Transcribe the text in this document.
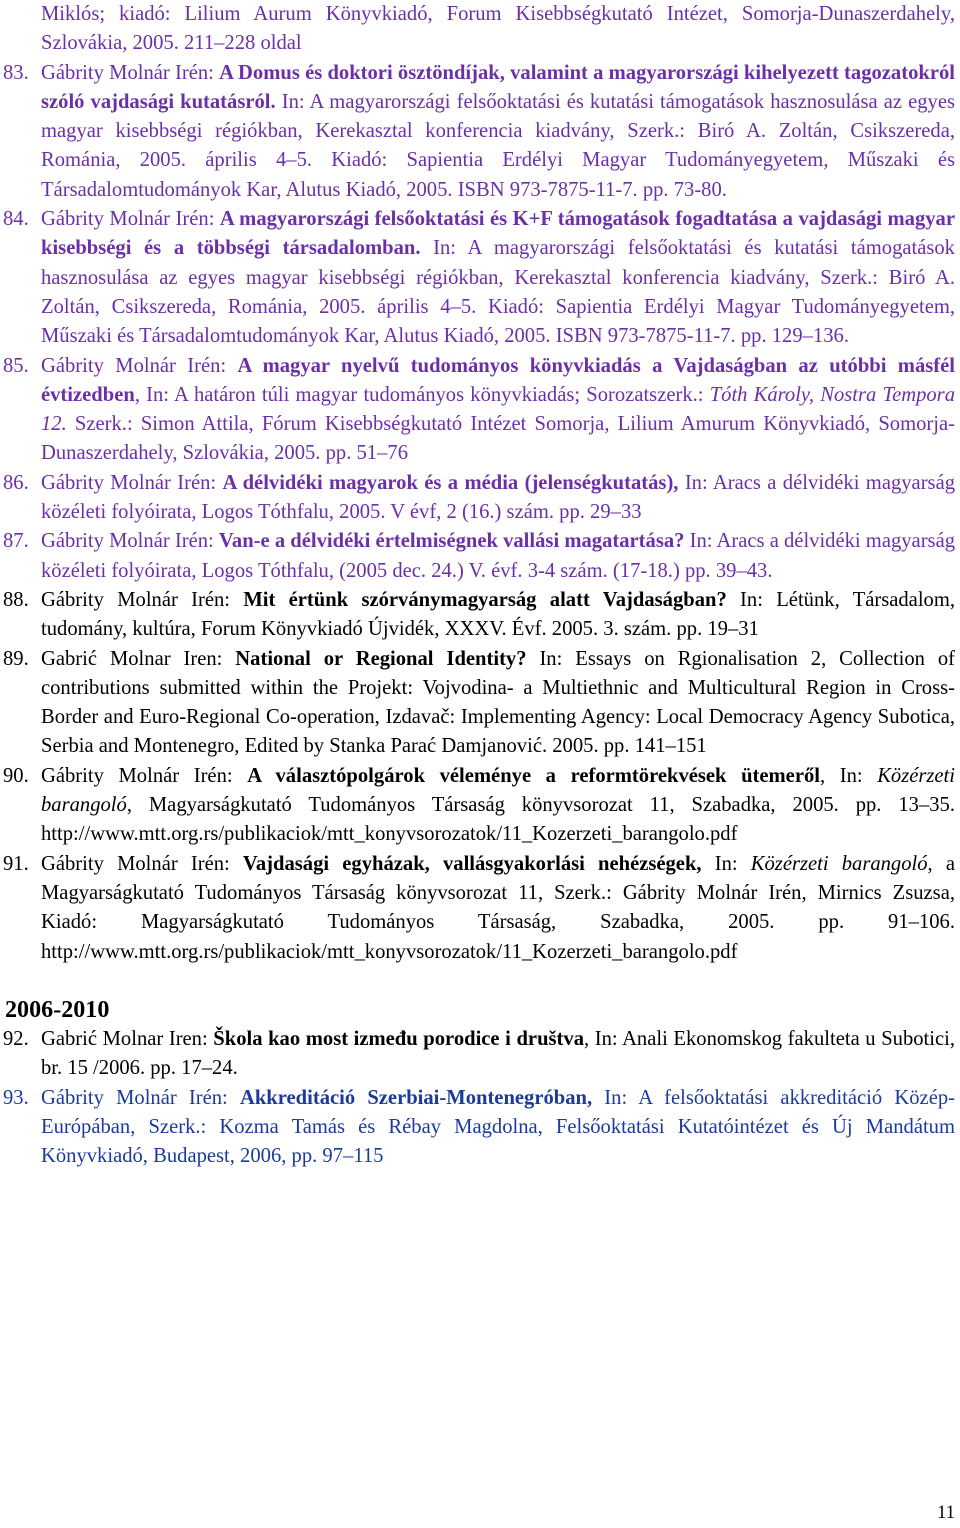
Miklós; kiadó: Lilium Aurum Könyvkiadó, Forum Kisebbségkutató Intézet, Somorja-Dunaszerdahely, Szlovákia, 2005. 211–228 oldal
83. Gábrity Molnár Irén: A Domus és doktori ösztöndíjak, valamint a magyarországi kihelyezett tagozatokról szóló vajdasági kutatásról. In: A magyarországi felsőoktatási és kutatási támogatások hasznosulása az egyes magyar kisebbségi régiókban, Kerekasztal konferencia kiadvány, Szerk.: Biró A. Zoltán, Csikszereda, Románia, 2005. április 4–5. Kiadó: Sapientia Erdélyi Magyar Tudományegyetem, Műszaki és Társadalomtudományok Kar, Alutus Kiadó, 2005. ISBN 973-7875-11-7. pp. 73-80.
84. Gábrity Molnár Irén: A magyarországi felsőoktatási és K+F támogatások fogadtatása a vajdasági magyar kisebbségi és a többségi társadalomban. In: A magyarországi felsőoktatási és kutatási támogatások hasznosulása az egyes magyar kisebbségi régiókban, Kerekasztal konferencia kiadvány, Szerk.: Biró A. Zoltán, Csikszereda, Románia, 2005. április 4–5. Kiadó: Sapientia Erdélyi Magyar Tudományegyetem, Műszaki és Társadalomtudományok Kar, Alutus Kiadó, 2005. ISBN 973-7875-11-7. pp. 129–136.
85. Gábrity Molnár Irén: A magyar nyelvű tudományos könyvkiadás a Vajdaságban az utóbbi másfél évtizedben, In: A határon túli magyar tudományos könyvkiadás; Sorozatszerk.: Tóth Károly, Nostra Tempora 12. Szerk.: Simon Attila, Fórum Kisebbségkutató Intézet Somorja, Lilium Amurum Könyvkiadó, Somorja-Dunaszerdahely, Szlovákia, 2005. pp. 51–76
86. Gábrity Molnár Irén: A délvidéki magyarok és a média (jelenségkutatás), In: Aracs a délvidéki magyarság közéleti folyóirata, Logos Tóthfalu, 2005. V évf, 2 (16.) szám. pp. 29–33
87. Gábrity Molnár Irén: Van-e a délvidéki értelmiségnek vallási magatartása? In: Aracs a délvidéki magyarság közéleti folyóirata, Logos Tóthfalu, (2005 dec. 24.) V. évf. 3-4 szám. (17-18.) pp. 39–43.
88. Gábrity Molnár Irén: Mit értünk szórványmagyarság alatt Vajdaságban? In: Létünk, Társadalom, tudomány, kultúra, Forum Könyvkiadó Újvidék, XXXV. Évf. 2005. 3. szám. pp. 19–31
89. Gabrić Molnar Iren: National or Regional Identity? In: Essays on Rgionalisation 2, Collection of contributions submitted within the Projekt: Vojvodina- a Multiethnic and Multicultural Region in Cross-Border and Euro-Regional Co-operation, Izdavač: Implementing Agency: Local Democracy Agency Subotica, Serbia and Montenegro, Edited by Stanka Parać Damjanović. 2005. pp. 141–151
90. Gábrity Molnár Irén: A választópolgárok véleménye a reformtörekvések ütemeről, In: Közérzeti barangoló, Magyarságkutató Tudományos Társaság könyvsorozat 11, Szabadka, 2005. pp. 13–35. http://www.mtt.org.rs/publikaciok/mtt_konyvsorozatok/11_Kozerzeti_barangolo.pdf
91. Gábrity Molnár Irén: Vajdasági egyházak, vallásgyakorlási nehézségek, In: Közérzeti barangoló, a Magyarságkutató Tudományos Társaság könyvsorozat 11, Szerk.: Gábrity Molnár Irén, Mirnics Zsuzsa, Kiadó: Magyarságkutató Tudományos Társaság, Szabadka, 2005. pp. 91–106. http://www.mtt.org.rs/publikaciok/mtt_konyvsorozatok/11_Kozerzeti_barangolo.pdf
2006-2010
92. Gabrić Molnar Iren: Škola kao most između porodice i društva, In: Anali Ekonomskog fakulteta u Subotici, br. 15 /2006. pp. 17–24.
93. Gábrity Molnár Irén: Akkreditáció Szerbiai-Montenegróban, In: A felsőoktatási akkreditáció Közép-Európában, Szerk.: Kozma Tamás és Rébay Magdolna, Felsőoktatási Kutatóintézet és Új Mandátum Könyvkiadó, Budapest, 2006, pp. 97–115
11
